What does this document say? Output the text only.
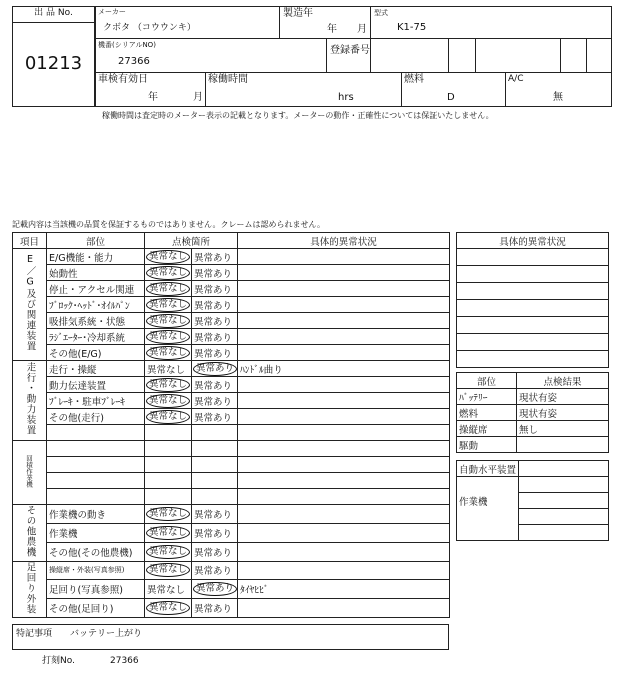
出 品 No.
01213
メーカー
クボタ （コウウンキ）
製造年
年 月
型式
K1-75
機番(シリアルNO)
27366
登録番号
車検有効日
年	月
稼働時間
hrs
燃料
D
A/C
無
稼働時間は査定時のメーター表示の記載となります。メーターの動作・正確性については保証いたしません。
記載内容は当該機の品質を保証するものではありません。クレームは認められません。
項目	部位	点検箇所		具体的異常状況
E／G及び関連装置	E/G機能・能力	異常なし	異常あり	
	始動性	異常なし	異常あり	
	停止・アクセル関連	異常なし	異常あり	
	ﾌﾞﾛｯｸ･ﾍｯﾄﾞ･ｵｲﾙﾊﾟﾝ	異常なし	異常あり	
	吸排気系統・状態	異常なし	異常あり	
	ﾗｼﾞｴｰﾀｰ･冷却系統	異常なし	異常あり	
	その他(E/G)	異常なし	異常あり	
走行・動力装置	走行・操縦	異常なし	異常あり	ﾊﾝﾄﾞﾙ曲り
	動力伝達装置	異常なし	異常あり	
	ﾌﾞﾚｰｷ・駐車ﾌﾞﾚｰｷ	異常なし	異常あり	
	その他(走行)	異常なし	異常あり	

回積作業機				

その他農機	作業機の動き	異常なし	異常あり	
	作業機	異常なし	異常あり	
	その他(その他農機)	異常なし	異常あり	
足回り外装	操縦席・外装(写真参照)	異常なし	異常あり	
	足回り(写真参照)	異常なし	異常あり	ﾀｲﾔﾋﾋﾞ
	その他(足回り)	異常なし	異常あり	
具体的異常状況

部位	点検結果
ﾊﾞｯﾃﾘｰ	現状有姿
燃料	現状有姿
操縦席	無し
駆動	
自動水平装置	

作業機	

特記事項 バッテリー上がり
打刻No.	27366
